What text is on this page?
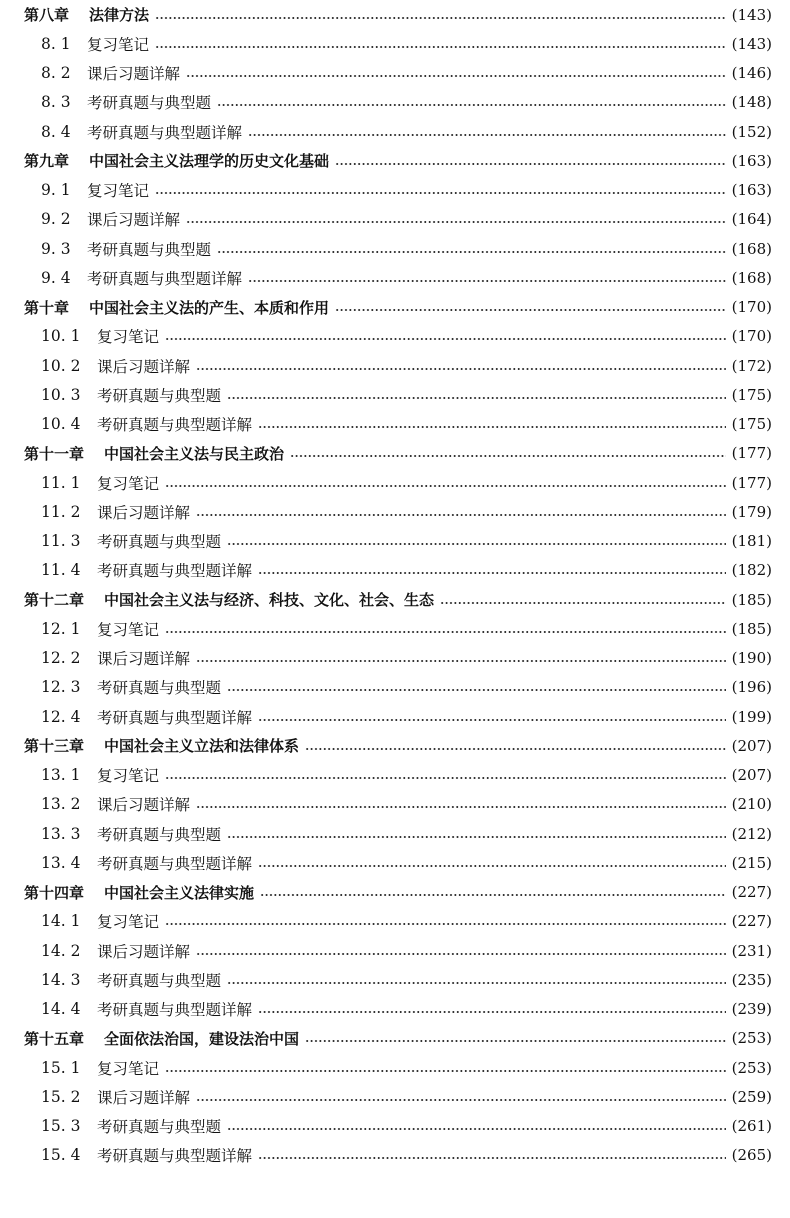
第八章 法律方法	(143)
8. 1	复习笔记	(143)
8. 2	课后习题详解	(146)
8. 3	考研真题与典型题	(148)
8. 4	考研真题与典型题详解	(152)
第九章 中国社会主义法理学的历史文化基础	(163)
9. 1	复习笔记	(163)
9. 2	课后习题详解	(164)
9. 3	考研真题与典型题	(168)
9. 4	考研真题与典型题详解	(168)
第十章 中国社会主义法的产生、本质和作用	(170)
10. 1	复习笔记	(170)
10. 2	课后习题详解	(172)
10. 3	考研真题与典型题	(175)
10. 4	考研真题与典型题详解	(175)
第十一章 中国社会主义法与民主政治	(177)
11. 1	复习笔记	(177)
11. 2	课后习题详解	(179)
11. 3	考研真题与典型题	(181)
11. 4	考研真题与典型题详解	(182)
第十二章 中国社会主义法与经济、科技、文化、社会、生态	(185)
12. 1	复习笔记	(185)
12. 2	课后习题详解	(190)
12. 3	考研真题与典型题	(196)
12. 4	考研真题与典型题详解	(199)
第十三章 中国社会主义立法和法律体系	(207)
13. 1	复习笔记	(207)
13. 2	课后习题详解	(210)
13. 3	考研真题与典型题	(212)
13. 4	考研真题与典型题详解	(215)
第十四章 中国社会主义法律实施	(227)
14. 1	复习笔记	(227)
14. 2	课后习题详解	(231)
14. 3	考研真题与典型题	(235)
14. 4	考研真题与典型题详解	(239)
第十五章 全面依法治国，建设法治中国	(253)
15. 1	复习笔记	(253)
15. 2	课后习题详解	(259)
15. 3	考研真题与典型题	(261)
15. 4	考研真题与典型题详解	(265)
